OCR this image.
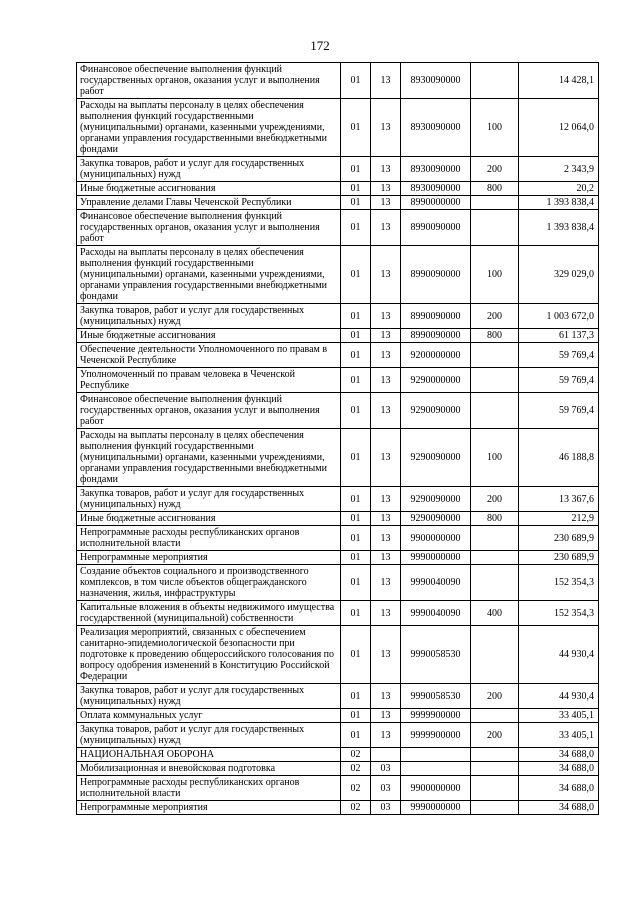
172
Финансовое обеспечение выполнения функций государственных органов, оказания услуг и выполнения работ	01	13	8930090000		14 428,1
Расходы на выплаты персоналу в целях обеспечения выполнения функций государственными (муниципальными) органами, казенными учреждениями, органами управления государственными внебюджетными фондами	01	13	8930090000	100	12 064,0
Закупка товаров, работ и услуг для государственных (муниципальных) нужд	01	13	8930090000	200	2 343,9
Иные бюджетные ассигнования	01	13	8930090000	800	20,2
Управление делами Главы Чеченской Республики	01	13	8990000000		1 393 838,4
Финансовое обеспечение выполнения функций государственных органов, оказания услуг и выполнения работ	01	13	8990090000		1 393 838,4
Расходы на выплаты персоналу в целях обеспечения выполнения функций государственными (муниципальными) органами, казенными учреждениями, органами управления государственными внебюджетными фондами	01	13	8990090000	100	329 029,0
Закупка товаров, работ и услуг для государственных (муниципальных) нужд	01	13	8990090000	200	1 003 672,0
Иные бюджетные ассигнования	01	13	8990090000	800	61 137,3
Обеспечение деятельности Уполномоченного по правам в Чеченской Республике	01	13	9200000000		59 769,4
Уполномоченный по правам человека в Чеченской Республике	01	13	9290000000		59 769,4
Финансовое обеспечение выполнения функций государственных органов, оказания услуг и выполнения работ	01	13	9290090000		59 769,4
Расходы на выплаты персоналу в целях обеспечения выполнения функций государственными (муниципальными) органами, казенными учреждениями, органами управления государственными внебюджетными фондами	01	13	9290090000	100	46 188,8
Закупка товаров, работ и услуг для государственных (муниципальных) нужд	01	13	9290090000	200	13 367,6
Иные бюджетные ассигнования	01	13	9290090000	800	212,9
Непрограммные расходы республиканских органов исполнительной власти	01	13	9900000000		230 689,9
Непрограммные мероприятия	01	13	9990000000		230 689,9
Создание объектов социального и производственного комплексов, в том числе объектов общегражданского назначения, жилья, инфраструктуры	01	13	9990040090		152 354,3
Капитальные вложения в объекты недвижимого имущества государственной (муниципальной) собственности	01	13	9990040090	400	152 354,3
Реализация мероприятий, связанных с обеспечением санитарно-эпидемиологической безопасности при подготовке к проведению общероссийского голосования по вопросу одобрения изменений в Конституцию Российской Федерации	01	13	9990058530		44 930,4
Закупка товаров, работ и услуг для государственных (муниципальных) нужд	01	13	9990058530	200	44 930,4
Оплата коммунальных услуг	01	13	9999900000		33 405,1
Закупка товаров, работ и услуг для государственных (муниципальных) нужд	01	13	9999900000	200	33 405,1
НАЦИОНАЛЬНАЯ ОБОРОНА	02				34 688,0
Мобилизационная и вневойсковая подготовка	02	03			34 688,0
Непрограммные расходы республиканских органов исполнительной власти	02	03	9900000000		34 688,0
Непрограммные мероприятия	02	03	9990000000		34 688,0
